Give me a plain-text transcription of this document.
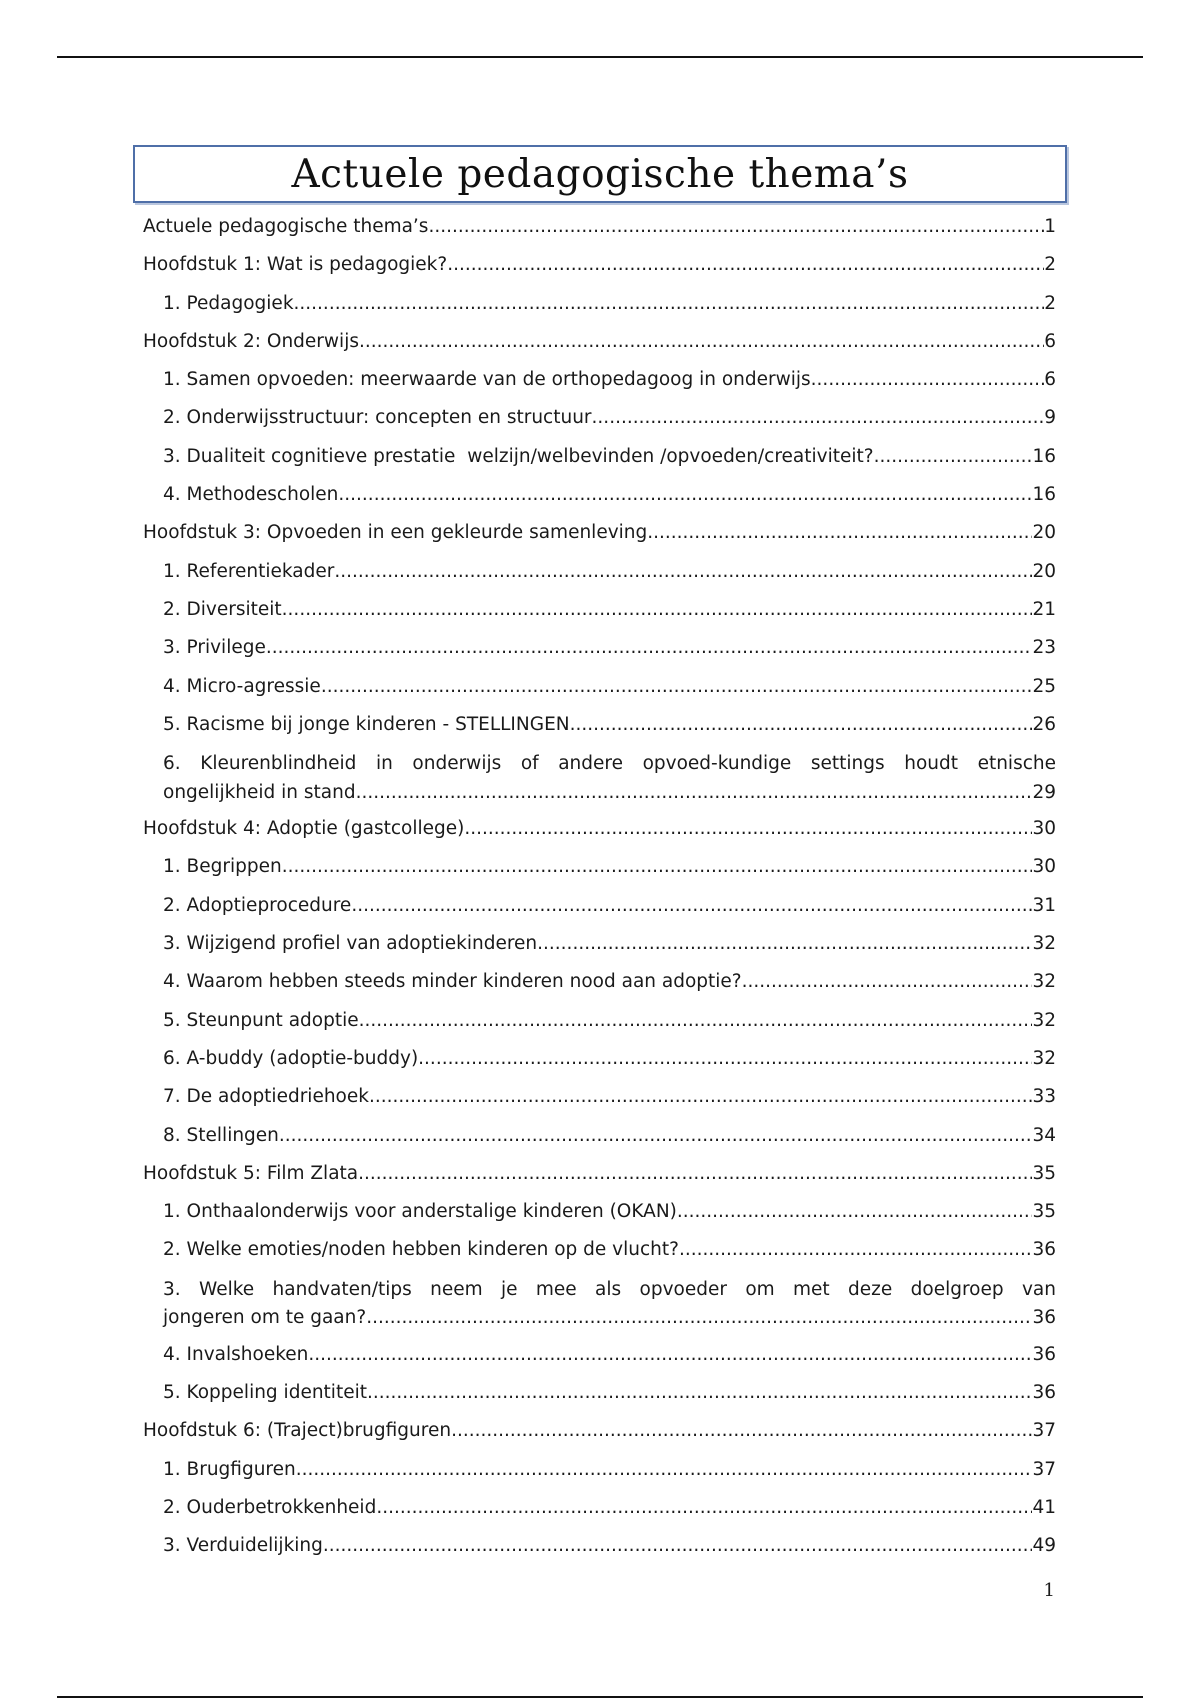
Actuele pedagogische thema’s
Actuele pedagogische thema’s .....	1
Hoofdstuk 1: Wat is pedagogiek? .....	2
1. Pedagogiek .....	2
Hoofdstuk 2: Onderwijs .....	6
1. Samen opvoeden: meerwaarde van de orthopedagoog in onderwijs .....	6
2. Onderwijsstructuur: concepten en structuur .....	9
3. Dualiteit cognitieve prestatie  welzijn/welbevinden /opvoeden/creativiteit? .....	16
4. Methodescholen .....	16
Hoofdstuk 3: Opvoeden in een gekleurde samenleving .....	20
1. Referentiekader .....	20
2. Diversiteit .....	21
3. Privilege .....	23
4. Micro-agressie .....	25
5. Racisme bij jonge kinderen - STELLINGEN .....	26
6. Kleurenblindheid in onderwijs of andere opvoed-kundige settings houdt etnische
ongelijkheid in stand .....	29
Hoofdstuk 4: Adoptie (gastcollege) .....	30
1. Begrippen .....	30
2. Adoptieprocedure .....	31
3. Wijzigend profiel van adoptiekinderen .....	32
4. Waarom hebben steeds minder kinderen nood aan adoptie? .....	32
5. Steunpunt adoptie .....	32
6. A-buddy (adoptie-buddy) .....	32
7. De adoptiedriehoek .....	33
8. Stellingen .....	34
Hoofdstuk 5: Film Zlata .....	35
1. Onthaalonderwijs voor anderstalige kinderen (OKAN) .....	35
2. Welke emoties/noden hebben kinderen op de vlucht? .....	36
3. Welke handvaten/tips neem je mee als opvoeder om met deze doelgroep van
jongeren om te gaan? .....	36
4. Invalshoeken .....	36
5. Koppeling identiteit .....	36
Hoofdstuk 6: (Traject)brugfiguren .....	37
1. Brugfiguren .....	37
2. Ouderbetrokkenheid .....	41
3. Verduidelijking .....	49
1
